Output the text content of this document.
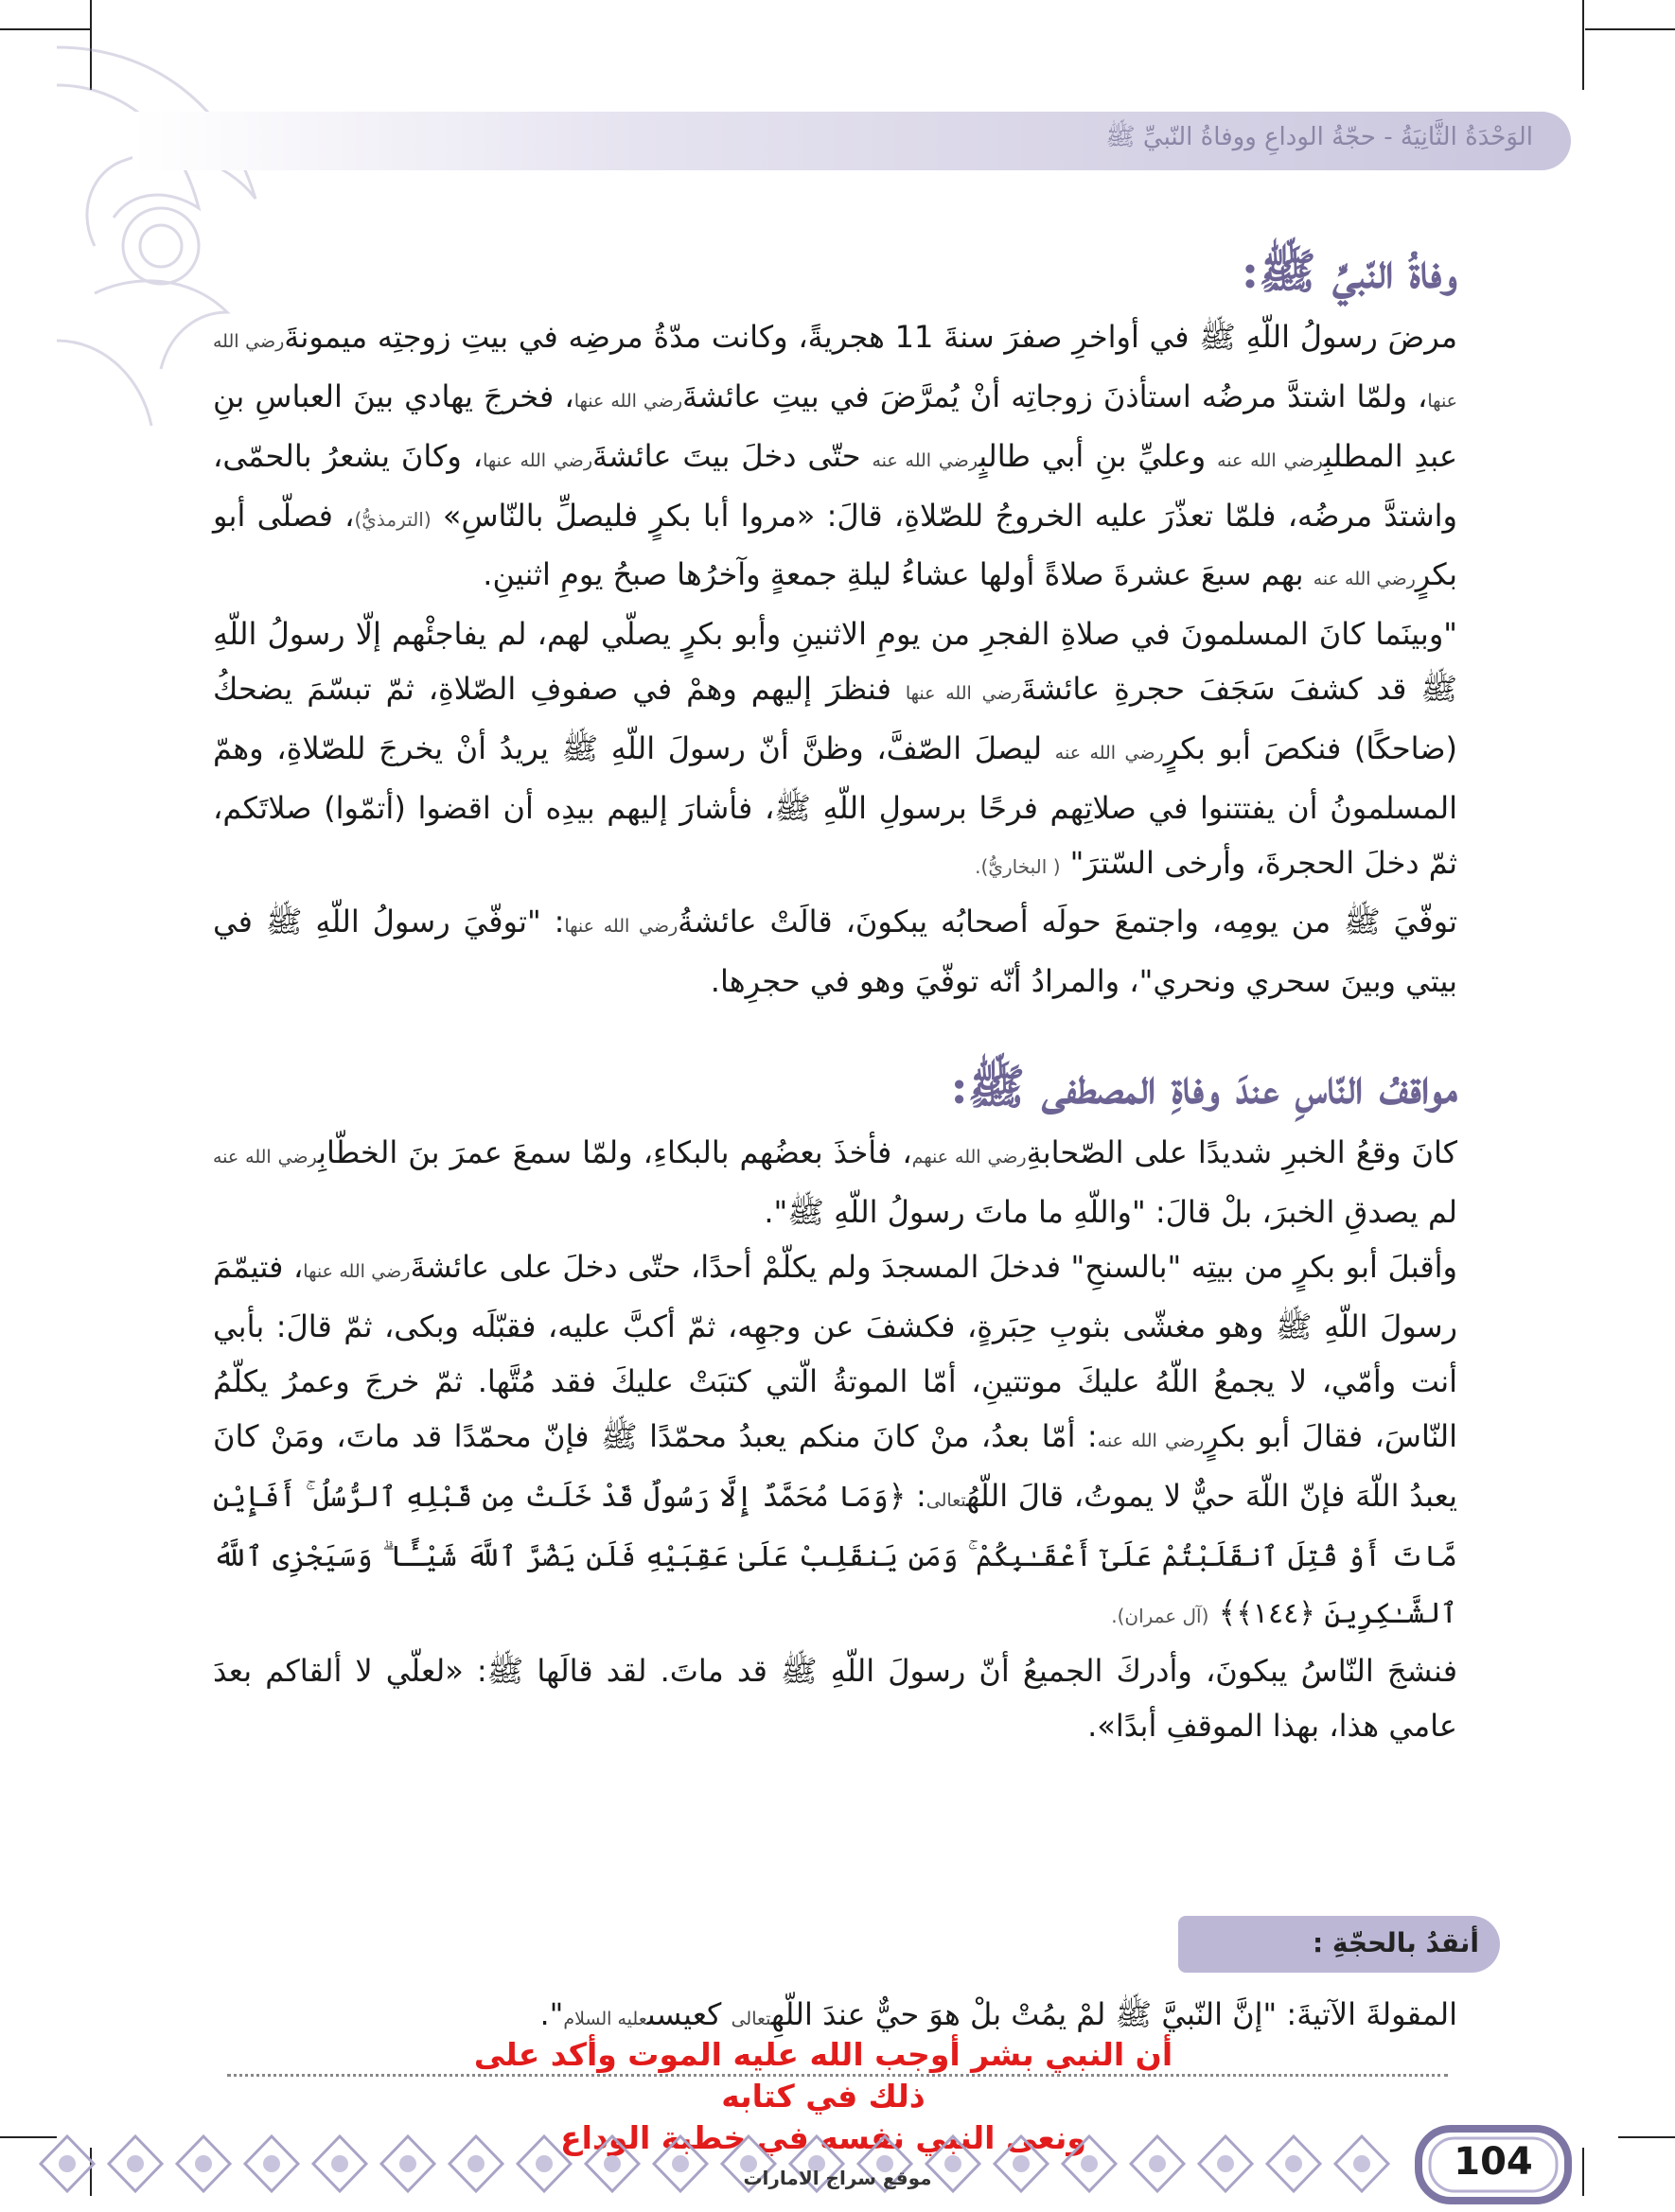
الوَحْدَةُ الثَّانِيَةُ - حجّةُ الوداعِ ووفاةُ النّبيِّ ﷺ
وفاةُ النّبيِّ ﷺ:

مرضَ رسولُ اللّهِ ﷺ في أواخرِ صفرَ سنةَ 11 هجريةً، وكانت مدّةُ مرضِه في بيتِ زوجتِه ميمونةَرضي الله عنها، ولمّا اشتدَّ مرضُه استأذنَ زوجاتِه أنْ يُمرَّضَ في بيتِ عائشةَرضي الله عنها، فخرجَ يهادي بينَ العباسِ بنِ عبدِ المطلبِرضي الله عنه وعليِّ بنِ أبي طالبٍرضي الله عنه حتّى دخلَ بيتَ عائشةَرضي الله عنها، وكانَ يشعرُ بالحمّى، واشتدَّ مرضُه، فلمّا تعذّرَ عليه الخروجُ للصّلاةِ، قالَ: «مروا أبا بكرٍ فليصلِّ بالنّاسِ» (الترمذيُّ)، فصلّى أبو بكرٍرضي الله عنه بهم سبعَ عشرةَ صلاةً أولها عشاءُ ليلةِ جمعةٍ وآخرُها صبحُ يومِ اثنينِ.

"وبينَما كانَ المسلمونَ في صلاةِ الفجرِ من يومِ الاثنينِ وأبو بكرٍ يصلّي لهم، لم يفاجئْهم إلّا رسولُ اللّهِ ﷺ قد كشفَ سَجَفَ حجرةِ عائشةَرضي الله عنها فنظرَ إليهم وهمْ في صفوفِ الصّلاةِ، ثمّ تبسّمَ يضحكُ (ضاحكًا) فنكصَ أبو بكرٍرضي الله عنه ليصلَ الصّفَّ، وظنَّ أنّ رسولَ اللّهِ ﷺ يريدُ أنْ يخرجَ للصّلاةِ، وهمّ المسلمونُ أن يفتتنوا في صلاتِهم فرحًا برسولِ اللّهِ ﷺ، فأشارَ إليهم بيدِه أن اقضوا (أتمّوا) صلاتَكم، ثمّ دخلَ الحجرةَ، وأرخى السّترَ" ( البخاريُّ).

توفّيَ ﷺ من يومِه، واجتمعَ حولَه أصحابُه يبكونَ، قالَتْ عائشةُرضي الله عنها: "توفّيَ رسولُ اللّهِ ﷺ في بيتي وبينَ سحري ونحري"، والمرادُ أنّه توفّيَ وهو في حجرِها.

مواقفُ النّاسِ عندَ وفاةِ المصطفى ﷺ:

كانَ وقعُ الخبرِ شديدًا على الصّحابةِرضي الله عنهم، فأخذَ بعضُهم بالبكاءِ، ولمّا سمعَ عمرَ بنَ الخطّابِرضي الله عنه لم يصدقِ الخبرَ، بلْ قالَ: "واللّهِ ما ماتَ رسولُ اللّهِ ﷺ".

وأقبلَ أبو بكرٍ من بيتِه "بالسنحِ" فدخلَ المسجدَ ولم يكلّمْ أحدًا، حتّى دخلَ على عائشةَرضي الله عنها، فتيمّمَ رسولَ اللّهِ ﷺ وهو مغشّى بثوبِ حِبَرةٍ، فكشفَ عن وجهِه، ثمّ أكبَّ عليه، فقبّلَه وبكى، ثمّ قالَ: بأبي أنت وأمّي، لا يجمعُ اللّهُ عليكَ موتتينِ، أمّا الموتةُ الّتي كتبَتْ عليكَ فقد مُتَّها. ثمّ خرجَ وعمرُ يكلّمُ النّاسَ، فقالَ أبو بكرٍرضي الله عنه: أمّا بعدُ، منْ كانَ منكم يعبدُ محمّدًا ﷺ فإنّ محمّدًا قد ماتَ، ومَنْ كانَ يعبدُ اللّهَ فإنّ اللّهَ حيٌّ لا يموتُ، قالَ اللّهُتعالى: ﴿وَمَا مُحَمَّدٌ إِلَّا رَسُولٌ قَدْ خَلَتْ مِن قَبْلِهِ ٱلرُّسُلُ ۚ أَفَإِيْن مَّاتَ أَوْ قُتِلَ ٱنقَلَبْتُمْ عَلَىٰٓ أَعْقَـٰبِكُمْ ۚ وَمَن يَنقَلِبْ عَلَىٰ عَقِبَيْهِ فَلَن يَضُرَّ ٱللَّهَ شَيْـًٔا ۗ وَسَيَجْزِى ٱللَّهُ ٱلشَّـٰكِرِينَ ﴿١٤٤﴾﴾ (آل عمران).

فنشجَ النّاسُ يبكونَ، وأدركَ الجميعُ أنّ رسولَ اللّهِ ﷺ قد ماتَ. لقد قالَها ﷺ: «لعلّي لا ألقاكم بعدَ عامي هذا، بهذا الموقفِ أبدًا».

أنقدُ بالحجّةِ :
المقولةَ الآتيةَ: "إنَّ النّبيَّ ﷺ لمْ يمُتْ بلْ هوَ حيٌّ عندَ اللّهِتعالى كعيسىعليه السلام".
أن النبي بشر أوجب الله عليه الموت وأكد على ذلك في كتابه
104
موقع سراج الامارات
